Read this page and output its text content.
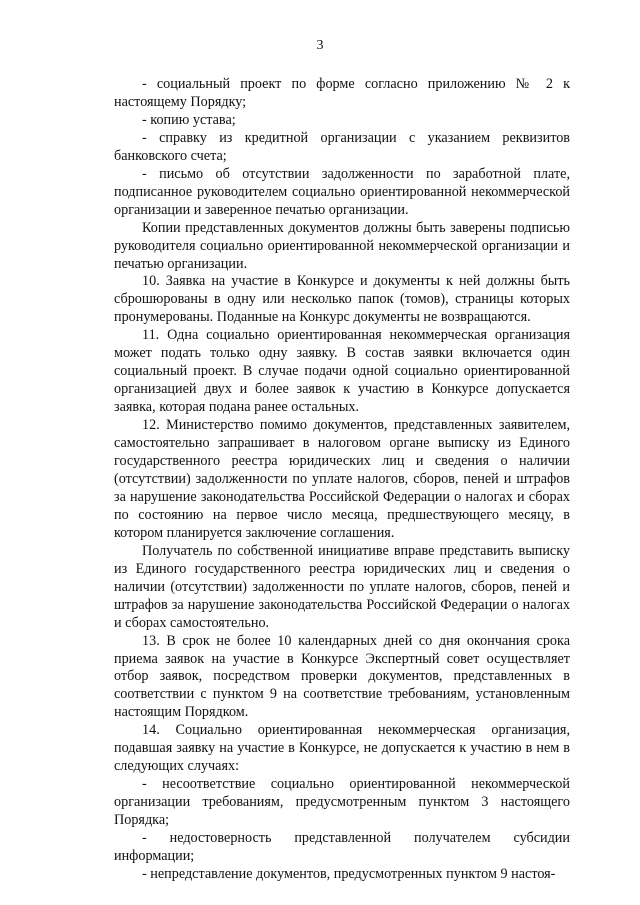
3

- социальный проект по форме согласно приложению № 2 к настоящему Порядку;

- копию устава;

- справку из кредитной организации с указанием реквизитов банковского счета;

- письмо об отсутствии задолженности по заработной плате, подписанное руководителем социально ориентированной некоммерческой организации и заверенное печатью организации.

Копии представленных документов должны быть заверены подписью руководителя социально ориентированной некоммерческой организации и печатью организации.

10. Заявка на участие в Конкурсе и документы к ней должны быть сброшюрованы в одну или несколько папок (томов), страницы которых пронумерованы. Поданные на Конкурс документы не возвращаются.

11. Одна социально ориентированная некоммерческая организация может подать только одну заявку. В состав заявки включается один социальный проект. В случае подачи одной социально ориентированной организацией двух и более заявок к участию в Конкурсе допускается заявка, которая подана ранее остальных.

12. Министерство помимо документов, представленных заявителем, самостоятельно запрашивает в налоговом органе выписку из Единого государственного реестра юридических лиц и сведения о наличии (отсутствии) задолженности по уплате налогов, сборов, пеней и штрафов за нарушение законодательства Российской Федерации о налогах и сборах по состоянию на первое число месяца, предшествующего месяцу, в котором планируется заключение соглашения.

Получатель по собственной инициативе вправе представить выписку из Единого государственного реестра юридических лиц и сведения о наличии (отсутствии) задолженности по уплате налогов, сборов, пеней и штрафов за нарушение законодательства Российской Федерации о налогах и сборах самостоятельно.

13. В срок не более 10 календарных дней со дня окончания срока приема заявок на участие в Конкурсе Экспертный совет осуществляет отбор заявок, посредством проверки документов, представленных в соответствии с пунктом 9 на соответствие требованиям, установленным настоящим Порядком.

14. Социально ориентированная некоммерческая организация, подавшая заявку на участие в Конкурсе, не допускается к участию в нем в следующих случаях:

- несоответствие социально ориентированной некоммерческой организации требованиям, предусмотренным пунктом 3 настоящего Порядка;

- недостоверность представленной получателем субсидии информации;

- непредставление документов, предусмотренных пунктом 9 настоя-
